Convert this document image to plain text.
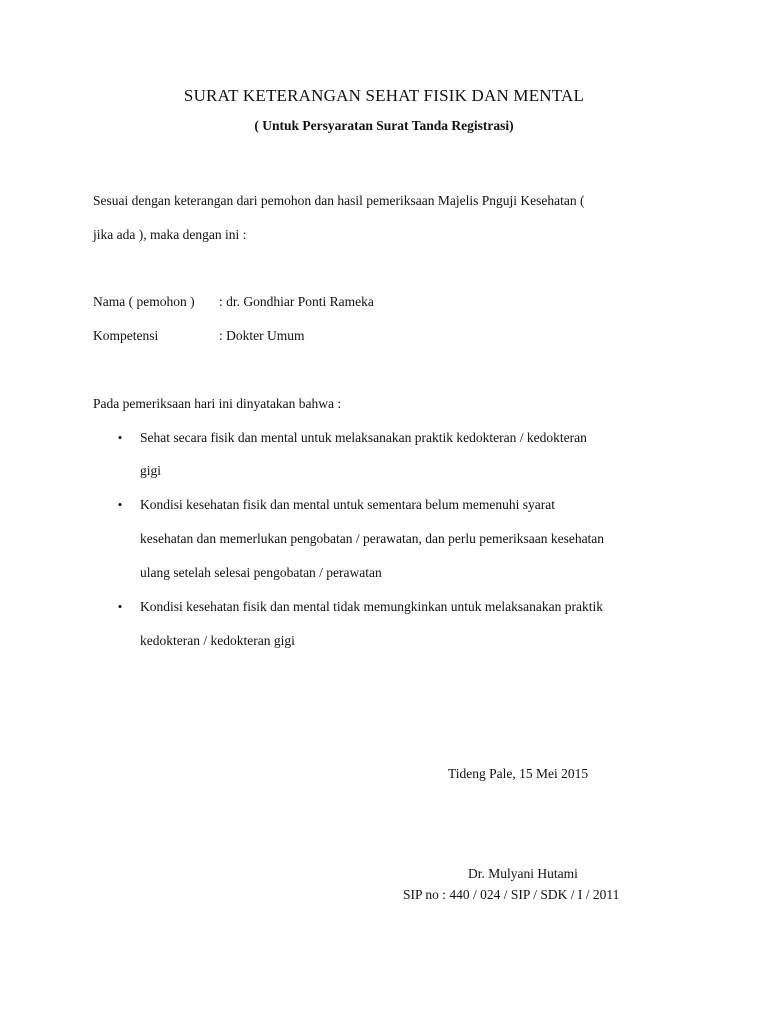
SURAT KETERANGAN SEHAT FISIK DAN MENTAL
( Untuk Persyaratan Surat Tanda Registrasi)
Sesuai dengan keterangan dari pemohon dan hasil pemeriksaan Majelis Pnguji Kesehatan (
jika ada ), maka dengan ini :
Nama ( pemohon ) : dr. Gondhiar Ponti Rameka
Kompetensi	: Dokter Umum
Pada pemeriksaan hari ini dinyatakan bahwa :
• Sehat secara fisik dan mental untuk melaksanakan praktik kedokteran / kedokteran
gigi
• Kondisi kesehatan fisik dan mental untuk sementara belum memenuhi syarat
kesehatan dan memerlukan pengobatan / perawatan, dan perlu pemeriksaan kesehatan
ulang setelah selesai pengobatan / perawatan
• Kondisi kesehatan fisik dan mental tidak memungkinkan untuk melaksanakan praktik
kedokteran / kedokteran gigi
Tideng Pale, 15 Mei 2015
Dr. Mulyani Hutami
SIP no : 440 / 024 / SIP / SDK / I / 2011
